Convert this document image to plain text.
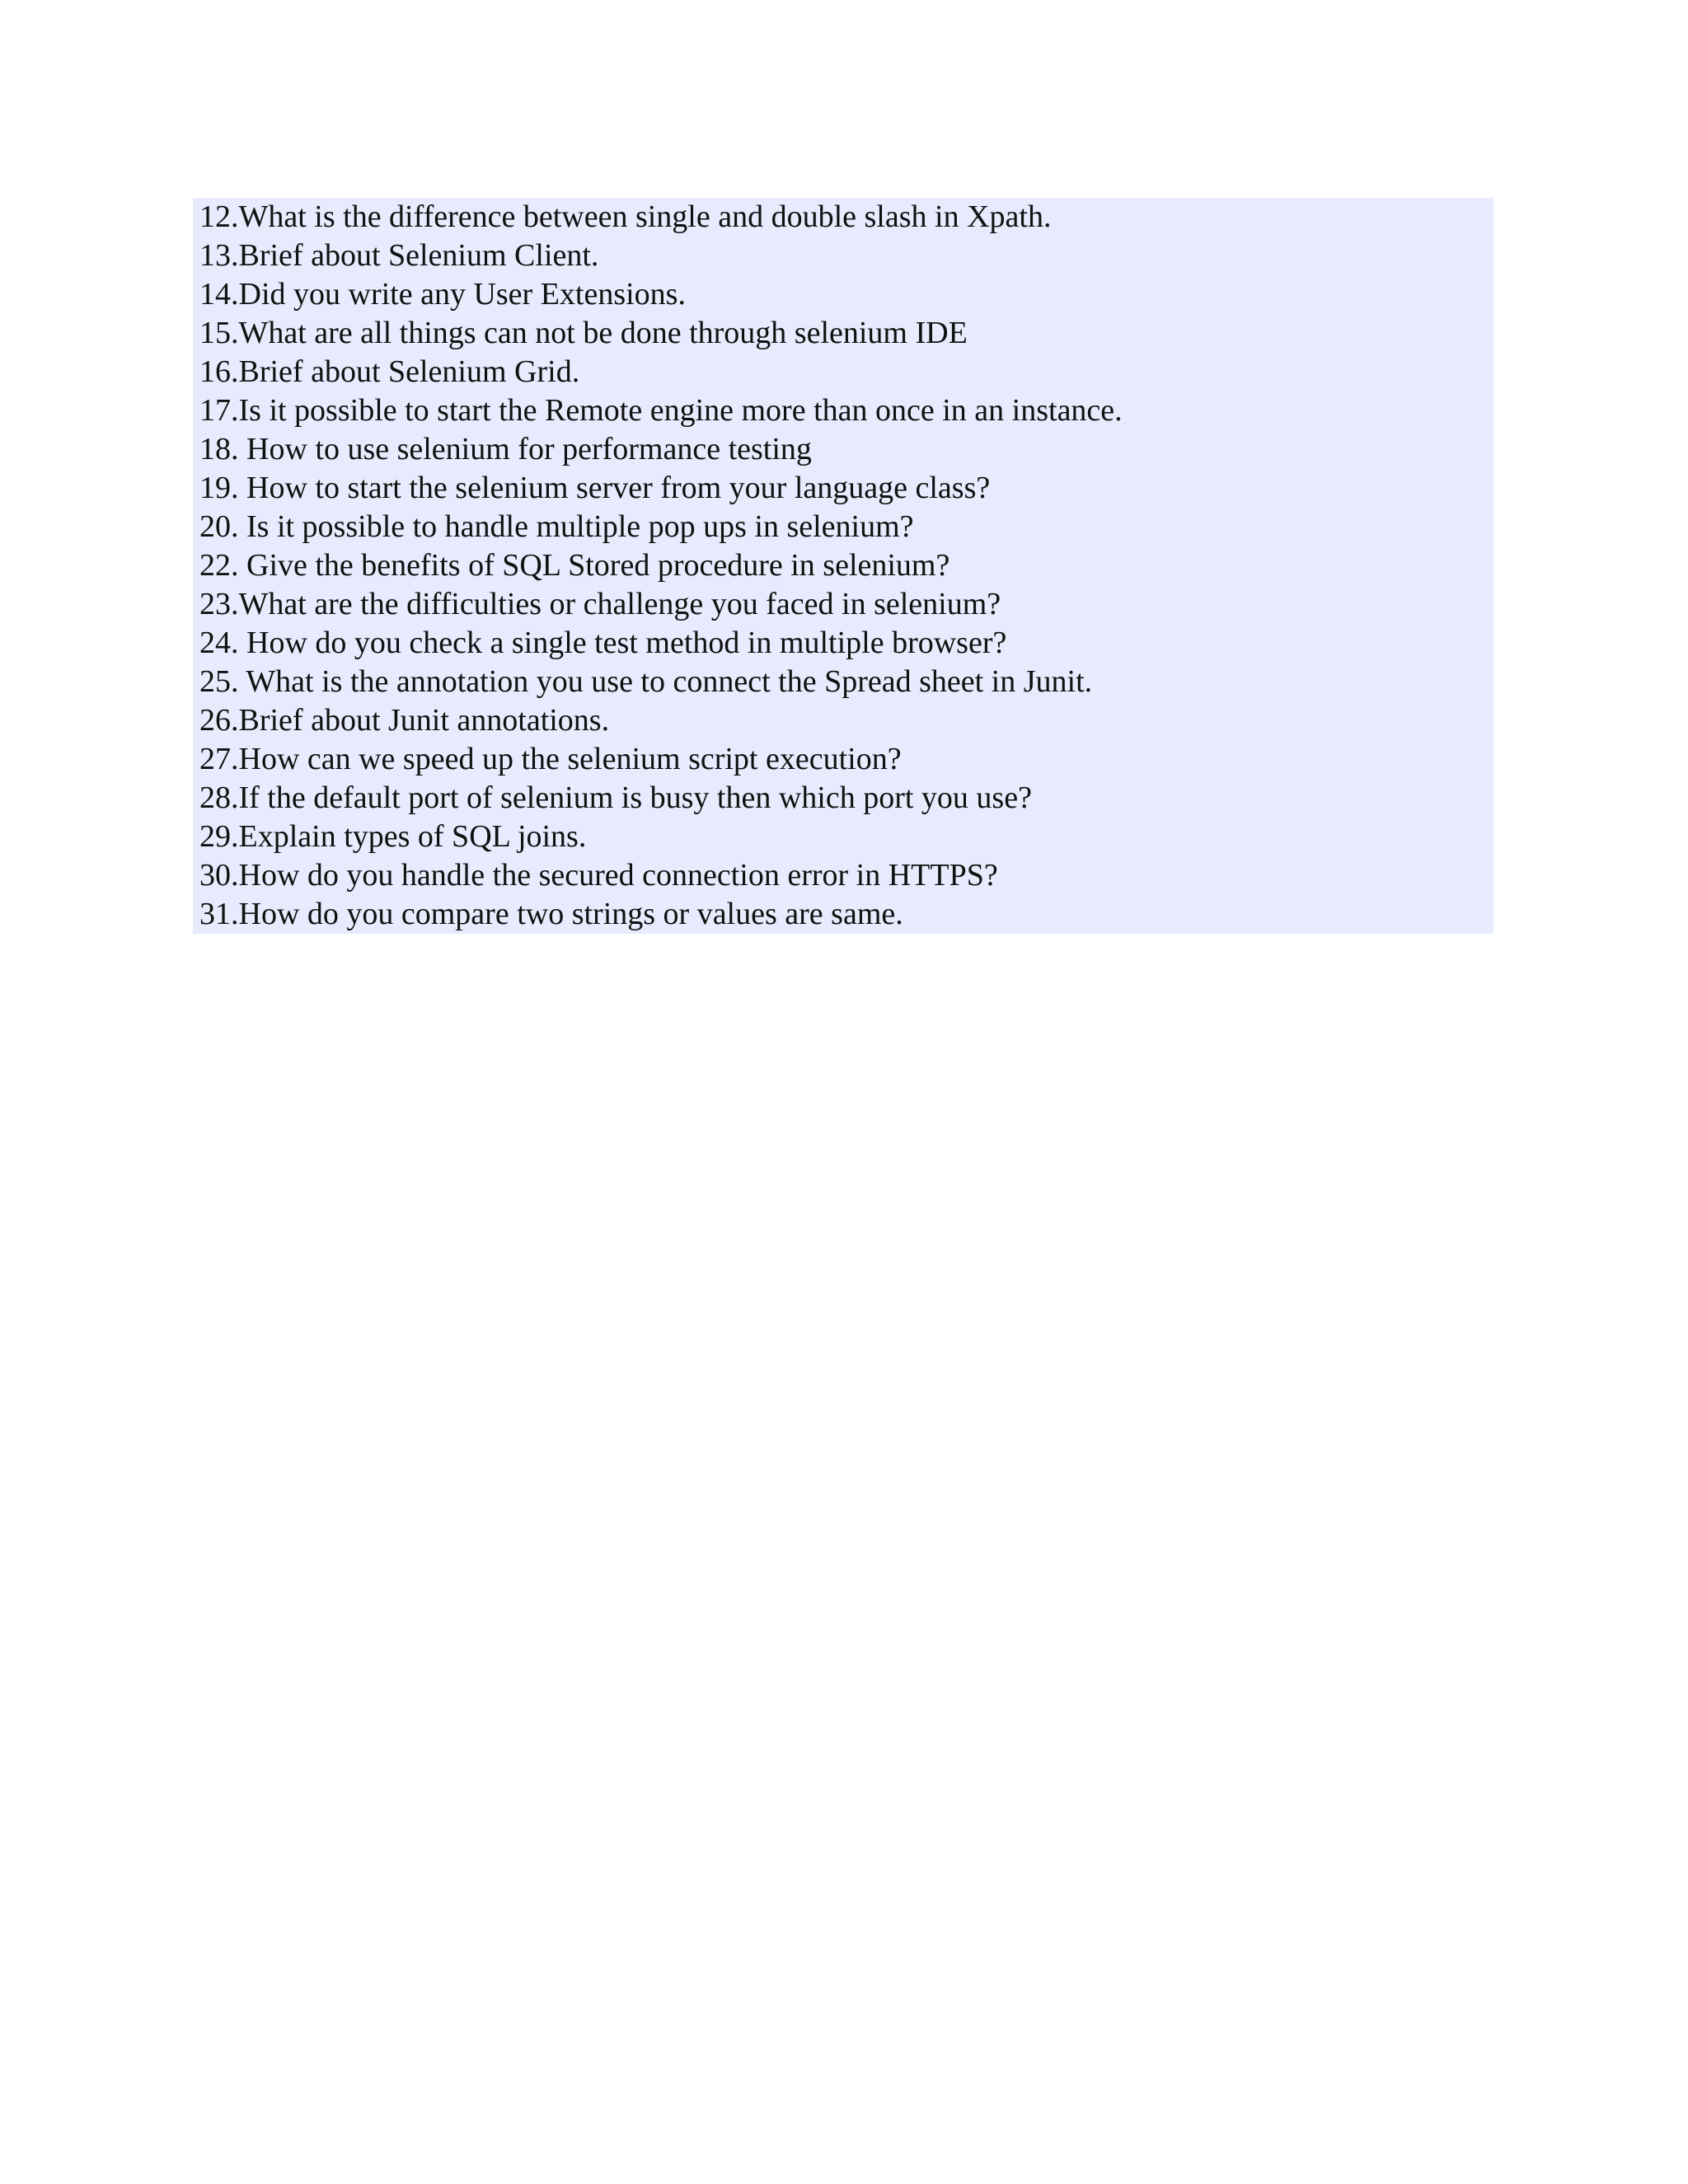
12.What is the difference between single and double slash in Xpath.
13.Brief about Selenium Client.
14.Did you write any User Extensions.
15.What are all things can not be done through selenium IDE
16.Brief about Selenium Grid.
17.Is it possible to start the Remote engine more than once in an instance.
18. How to use selenium for performance testing
19. How to start the selenium server from your language class?
20. Is it possible to handle multiple pop ups in selenium?
22. Give the benefits of SQL Stored procedure in selenium?
23.What are the difficulties or challenge you faced in selenium?
24. How do you check a single test method in multiple browser?
25. What is the annotation you use to connect the Spread sheet in Junit.
26.Brief about Junit annotations.
27.How can we speed up the selenium script execution?
28.If the default port of selenium is busy then which port you use?
29.Explain types of SQL joins.
30.How do you handle the secured connection error in HTTPS?
31.How do you compare two strings or values are same.
